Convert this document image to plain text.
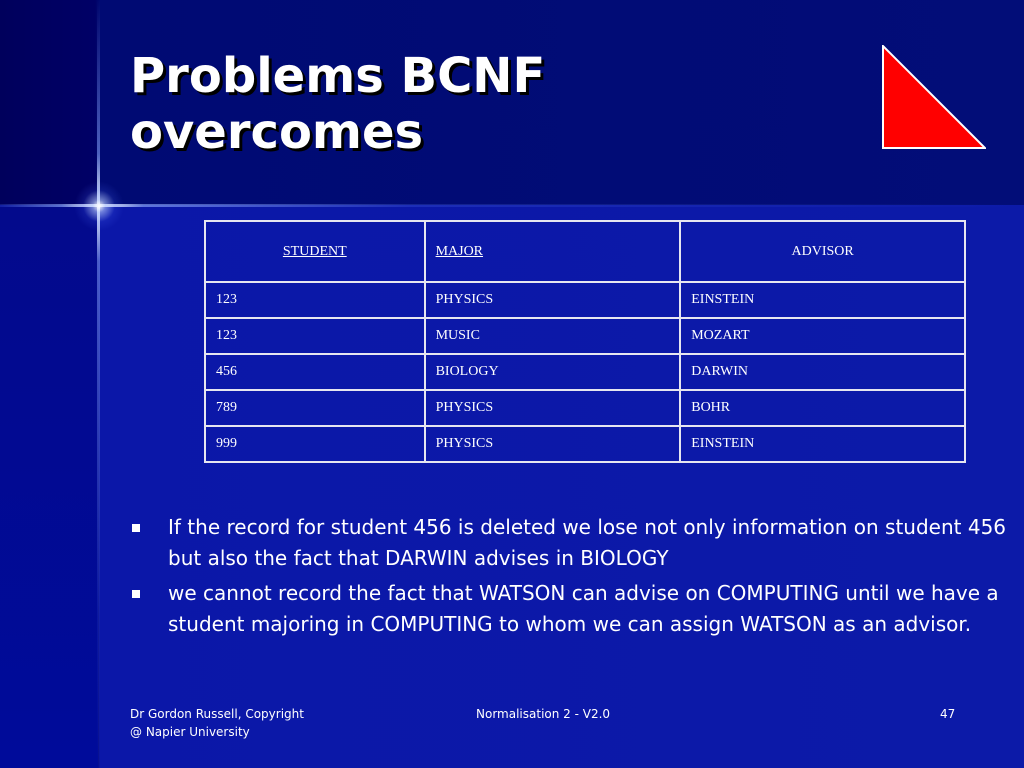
Problems BCNF
overcomes
STUDENT	MAJOR	ADVISOR
123	PHYSICS	EINSTEIN
123	MUSIC	MOZART
456	BIOLOGY	DARWIN
789	PHYSICS	BOHR
999	PHYSICS	EINSTEIN
If the record for student 456 is deleted we lose not only information on student 456 but also the fact that DARWIN advises in BIOLOGY
we cannot record the fact that WATSON can advise on COMPUTING until we have a student majoring in COMPUTING to whom we can assign WATSON as an advisor.
Dr Gordon Russell, Copyright
@ Napier University
Normalisation 2 - V2.0	47
